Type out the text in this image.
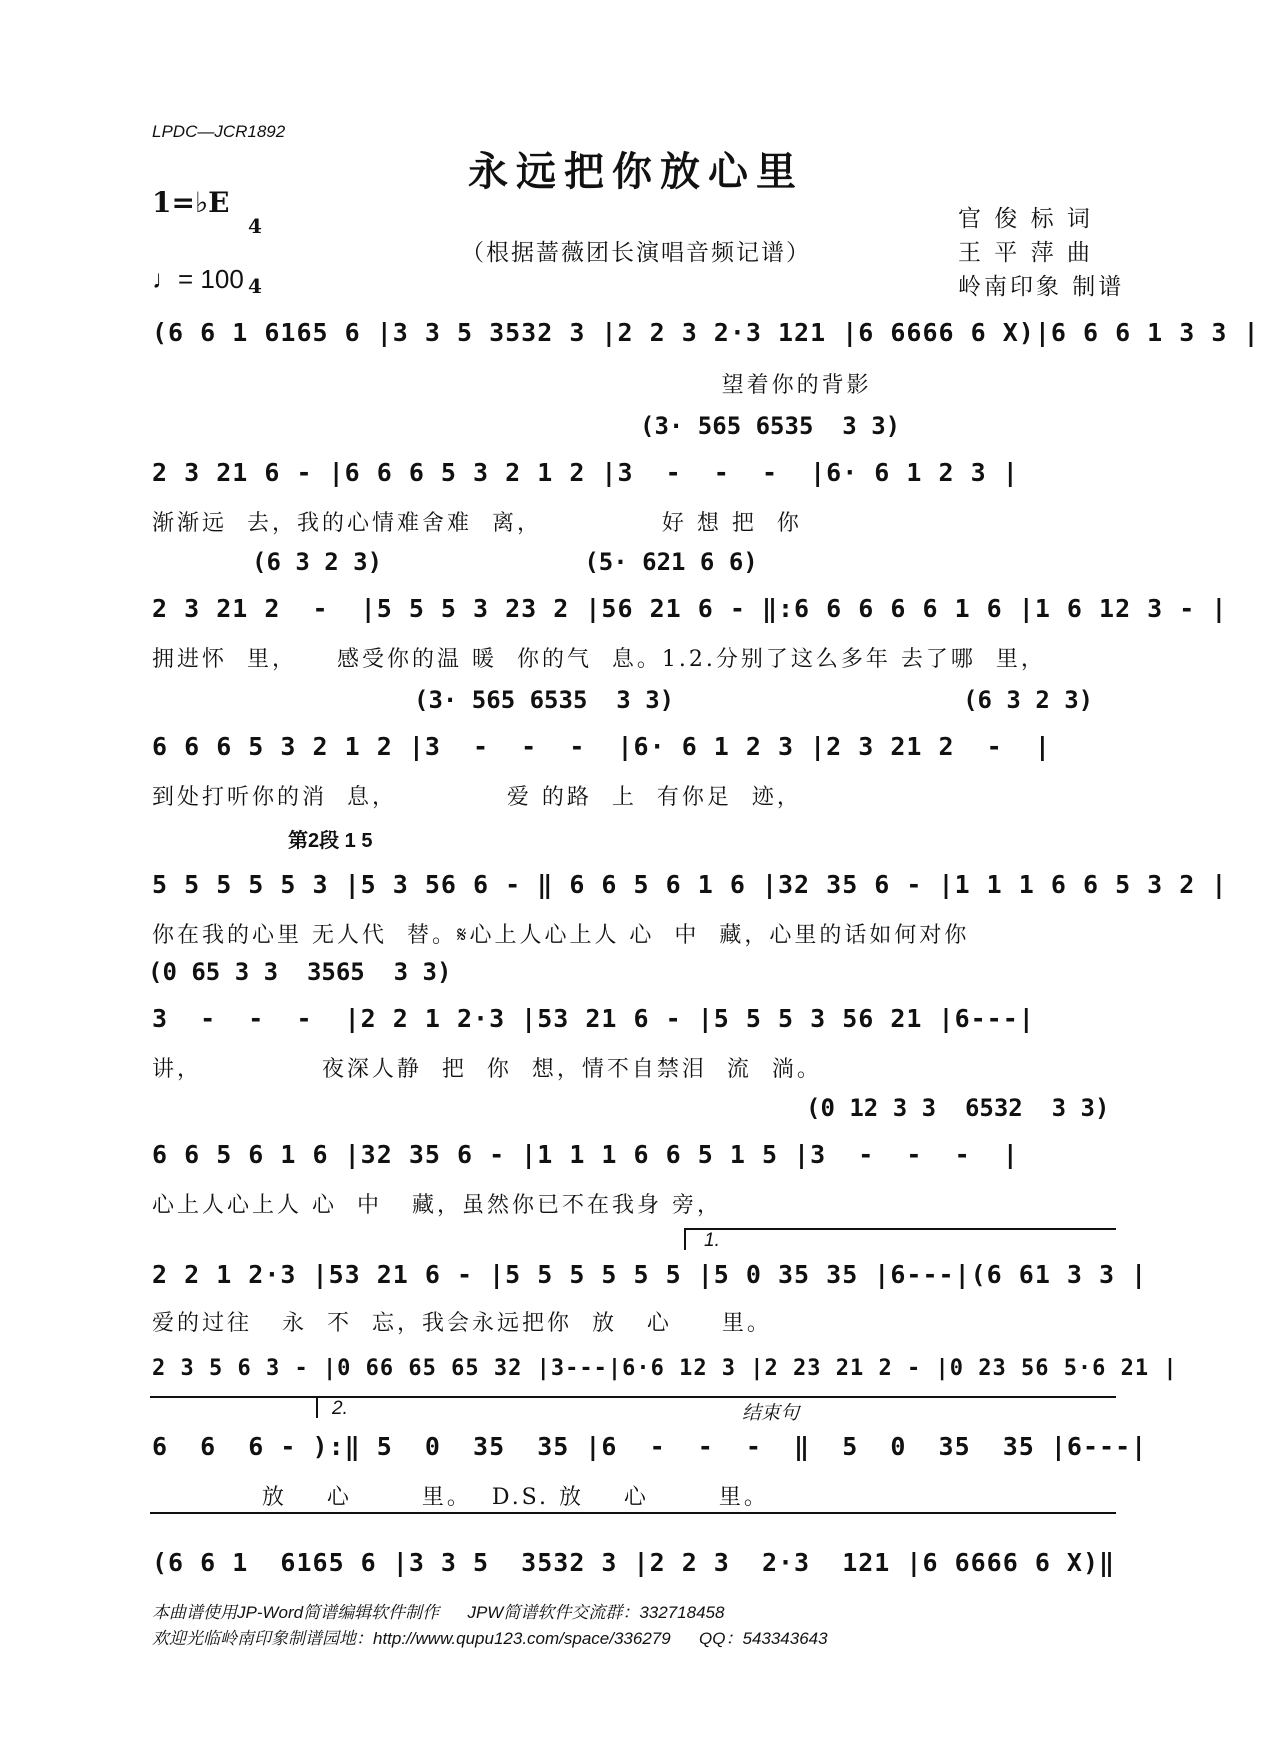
LPDC—JCR1892
永远把你放心里
1=♭E

4

4

（根据蔷薇团长演唱音频记谱）
官 俊 标 词
王 平 萍 曲
岭南印象 制谱
♩= 100
(6 6 1 6165 6 |3 3 5 3532 3 |2 2 3 2·3 121 |6 6666 6 X)|6 6 6 1 3 3 |
望着你的背影
(3· 565 6535  3 3)
2 3 21 6 - |6 6 6 5 3 2 1 2 |3  -  -  -  |6· 6 1 2 3 |
渐渐远  去，我的心情难舍难  离，            好 想 把  你
(6 3 2 3)              (5· 621 6 6)
2 3 21 2  -  |5 5 5 3 23 2 |56 21 6 - ‖:6 6 6 6 6 1 6 |1 6 12 3 - |
拥进怀  里，    感受你的温 暖  你的气  息。1.2.分别了这么多年 去了哪  里，
(3· 565 6535  3 3)                    (6 3 2 3)
6 6 6 5 3 2 1 2 |3  -  -  -  |6· 6 1 2 3 |2 3 21 2  -  |
到处打听你的消  息，           爱 的路  上  有你足  迹，
第2段 1 5
5 5 5 5 5 3 |5 3 56 6 - ‖ 6 6 5 6 1 6 |32 35 6 - |1 1 1 6 6 5 3 2 |
你在我的心里 无人代  替。𝄋心上人心上人 心  中  藏，心里的话如何对你
(0 65 3 3  3565  3 3)
3  -  -  -  |2 2 1 2·3 |53 21 6 - |5 5 5 3 56 21 |6---|
讲，            夜深人静  把  你  想，情不自禁泪  流  淌。
(0 12 3 3  6532  3 3)
6 6 5 6 1 6 |32 35 6 - |1 1 1 6 6 5 1 5 |3  -  -  -  |
心上人心上人 心  中   藏，虽然你已不在我身 旁，
1.
2 2 1 2·3 |53 21 6 - |5 5 5 5 5 5 |5 0 35 35 |6---|(6 61 3 3 |
爱的过往   永  不  忘，我会永远把你  放   心     里。
2 3 5 6 3 - |0 66 65 65 32 |3---|6·6 12 3 |2 23 21 2 - |0 23 56 5·6 21 |
2.	结束句
6  6  6 - ):‖ 5  0  35  35 |6  -  -  -  ‖  5  0  35  35 |6---|
放    心       里。  D.S. 放    心       里。
(6 6 1  6165 6 |3 3 5  3532 3 |2 2 3  2·3  121 |6 6666 6 X)‖
本曲谱使用JP-Word简谱编辑软件制作      JPW简谱软件交流群：332718458
欢迎光临岭南印象制谱园地：http://www.qupu123.com/space/336279      QQ：543343643
